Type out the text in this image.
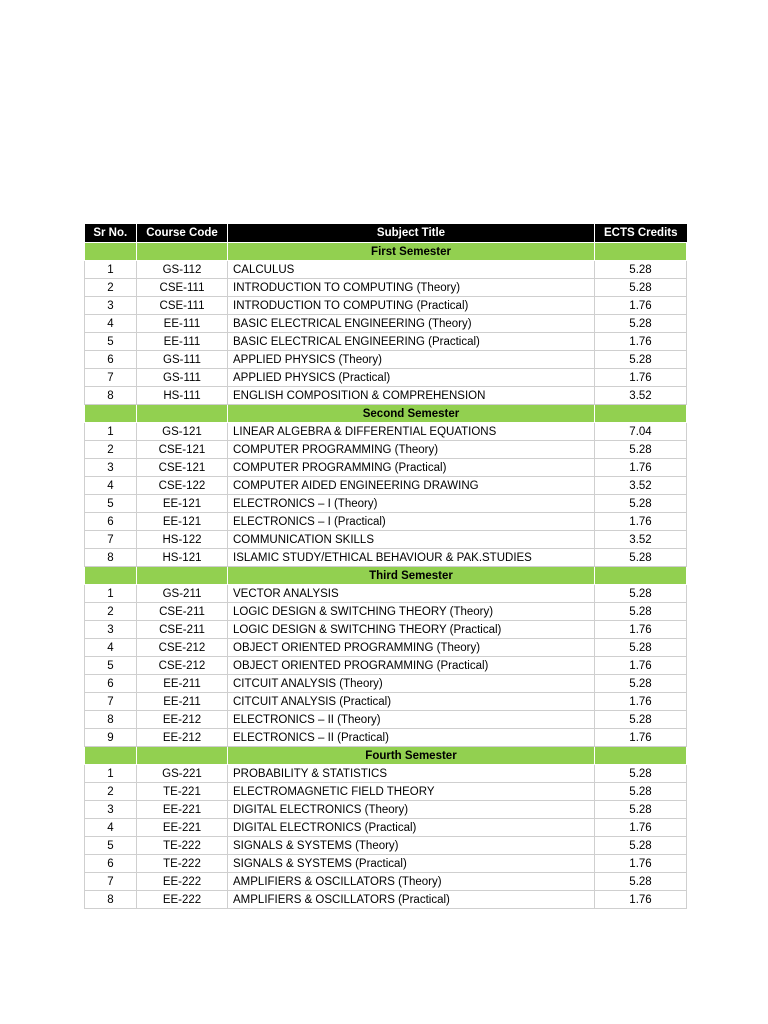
Sr No.	Course Code	Subject Title	ECTS Credits
		First Semester	
1	GS-112	CALCULUS	5.28
2	CSE-111	INTRODUCTION TO COMPUTING (Theory)	5.28
3	CSE-111	INTRODUCTION TO COMPUTING (Practical)	1.76
4	EE-111	BASIC ELECTRICAL ENGINEERING (Theory)	5.28
5	EE-111	BASIC ELECTRICAL ENGINEERING (Practical)	1.76
6	GS-111	APPLIED PHYSICS (Theory)	5.28
7	GS-111	APPLIED PHYSICS (Practical)	1.76
8	HS-111	ENGLISH COMPOSITION & COMPREHENSION	3.52
		Second Semester	
1	GS-121	LINEAR ALGEBRA & DIFFERENTIAL EQUATIONS	7.04
2	CSE-121	COMPUTER PROGRAMMING (Theory)	5.28
3	CSE-121	COMPUTER PROGRAMMING (Practical)	1.76
4	CSE-122	COMPUTER AIDED ENGINEERING DRAWING	3.52
5	EE-121	ELECTRONICS – I (Theory)	5.28
6	EE-121	ELECTRONICS – I (Practical)	1.76
7	HS-122	COMMUNICATION SKILLS	3.52
8	HS-121	ISLAMIC STUDY/ETHICAL BEHAVIOUR & PAK.STUDIES	5.28
		Third Semester	
1	GS-211	VECTOR ANALYSIS	5.28
2	CSE-211	LOGIC DESIGN & SWITCHING THEORY (Theory)	5.28
3	CSE-211	LOGIC DESIGN & SWITCHING THEORY (Practical)	1.76
4	CSE-212	OBJECT ORIENTED PROGRAMMING (Theory)	5.28
5	CSE-212	OBJECT ORIENTED PROGRAMMING (Practical)	1.76
6	EE-211	CITCUIT ANALYSIS (Theory)	5.28
7	EE-211	CITCUIT ANALYSIS (Practical)	1.76
8	EE-212	ELECTRONICS – II (Theory)	5.28
9	EE-212	ELECTRONICS – II (Practical)	1.76
		Fourth Semester	
1	GS-221	PROBABILITY & STATISTICS	5.28
2	TE-221	ELECTROMAGNETIC FIELD THEORY	5.28
3	EE-221	DIGITAL ELECTRONICS (Theory)	5.28
4	EE-221	DIGITAL ELECTRONICS (Practical)	1.76
5	TE-222	SIGNALS & SYSTEMS (Theory)	5.28
6	TE-222	SIGNALS & SYSTEMS (Practical)	1.76
7	EE-222	AMPLIFIERS & OSCILLATORS (Theory)	5.28
8	EE-222	AMPLIFIERS & OSCILLATORS (Practical)	1.76
